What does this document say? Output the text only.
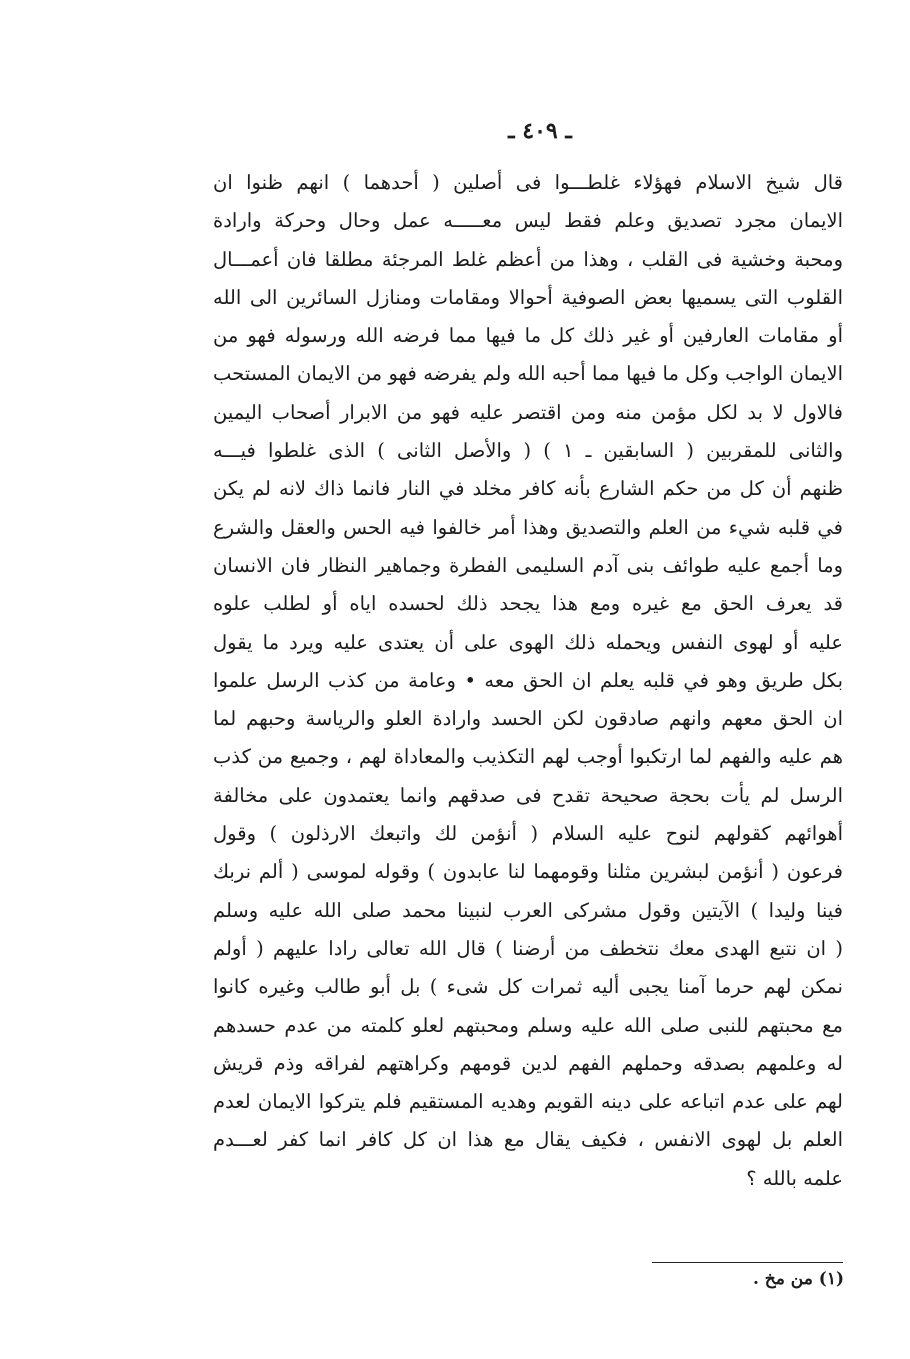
ـ ٤٠٩ ـ
قال شيخ الاسلام فهؤلاء غلطـــوا فى أصلين ( أحدهما ) انهم ظنوا ان
الايمان مجرد تصديق وعلم فقط ليس معـــــه عمل وحال وحركة وارادة
ومحبة وخشية فى القلب ، وهذا من أعظم غلط المرجئة مطلقا فان أعمـــال
القلوب التى يسميها بعض الصوفية أحوالا ومقامات ومنازل السائرين الى الله
أو مقامات العارفين أو غير ذلك كل ما فيها مما فرضه الله ورسوله فهو من
الايمان الواجب وكل ما فيها مما أحبه الله ولم يفرضه فهو من الايمان المستحب
فالاول لا بد لكل مؤمن منه ومن اقتصر عليه فهو من الابرار أصحاب اليمين
والثانى للمقربين ( السابقين ـ ١ ) ( والأصل الثانى ) الذى غلطوا فيـــه
ظنهم أن كل من حكم الشارع بأنه كافر مخلد في النار فانما ذاك لانه لم يكن
في قلبه شيء من العلم والتصديق وهذا أمر خالفوا فيه الحس والعقل والشرع
وما أجمع عليه طوائف بنى آدم السليمى الفطرة وجماهير النظار فان الانسان
قد يعرف الحق مع غيره ومع هذا يجحد ذلك لحسده اياه أو لطلب علوه
عليه أو لهوى النفس ويحمله ذلك الهوى على أن يعتدى عليه ويرد ما يقول
بكل طريق وهو في قلبه يعلم ان الحق معه • وعامة من كذب الرسل علموا
ان الحق معهم وانهم صادقون لكن الحسد وارادة العلو والرياسة وحبهم لما
هم عليه والفهم لما ارتكبوا أوجب لهم التكذيب والمعاداة لهم ، وجميع من كذب
الرسل لم يأت بحجة صحيحة تقدح فى صدقهم وانما يعتمدون على مخالفة
أهوائهم كقولهم لنوح عليه السلام ( أنؤمن لك واتبعك الارذلون ) وقول
فرعون ( أنؤمن لبشرين مثلنا وقومهما لنا عابدون ) وقوله لموسى ( ألم نربك
فينا وليدا ) الآيتين وقول مشركى العرب لنبينا محمد صلى الله عليه وسلم
( ان نتبع الهدى معك نتخطف من أرضنا ) قال الله تعالى رادا عليهم ( أولم
نمكن لهم حرما آمنا يجبى أليه ثمرات كل شىء ) بل أبو طالب وغيره كانوا
مع محبتهم للنبى صلى الله عليه وسلم ومحبتهم لعلو كلمته من عدم حسدهم
له وعلمهم بصدقه وحملهم الفهم لدين قومهم وكراهتهم لفراقه وذم قريش
لهم على عدم اتباعه على دينه القويم وهديه المستقيم فلم يتركوا الايمان لعدم
العلم بل لهوى الانفس ، فكيف يقال مع هذا ان كل كافر انما كفر لعـــدم
علمه بالله ؟
(١) من مخ .
